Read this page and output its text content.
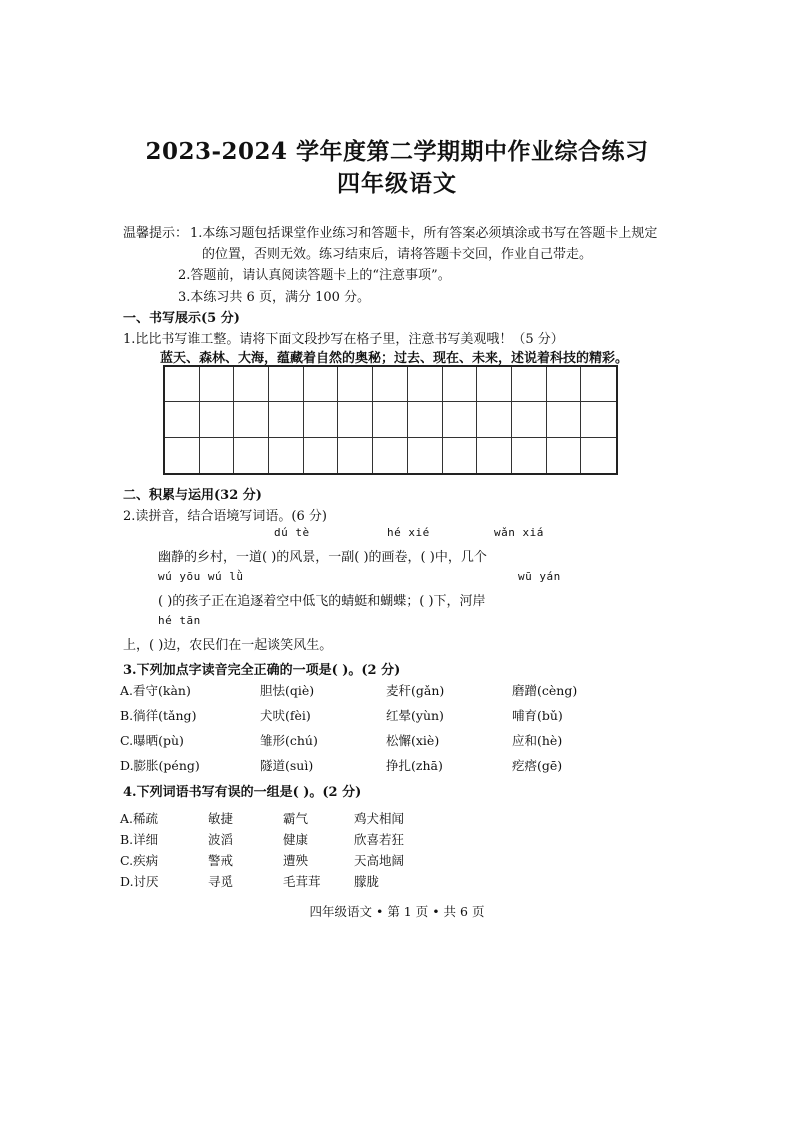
2023-2024 学年度第二学期期中作业综合练习
四年级语文
温馨提示： 1.本练习题包括课堂作业练习和答题卡，所有答案必须填涂或书写在答题卡上规定
的位置，否则无效。练习结束后，请将答题卡交回，作业自己带走。
2.答题前，请认真阅读答题卡上的“注意事项”。
3.本练习共 6 页，满分 100 分。
一、书写展示(5 分)
1.比比书写谁工整。请将下面文段抄写在格子里，注意书写美观哦！（5 分）
蓝天、森林、大海，蕴藏着自然的奥秘；过去、现在、未来，述说着科技的精彩。
二、积累与运用(32 分)
2.读拼音，结合语境写词语。(6 分)
dú tè	hé xié	wǎn xiá
幽静的乡村，一道( )的风景，一副( )的画卷，( )中，几个
wú yōu wú lǜ	wū yán
( )的孩子正在追逐着空中低飞的蜻蜓和蝴蝶；( )下，河岸
hé tān
上，( )边，农民们在一起谈笑风生。
3.下列加点字读音完全正确的一项是( )。(2 分)
A.看守(kàn)	胆怯(qiè)	麦秆(gǎn)	磨蹭(cèng)
B.徜徉(tǎng)	犬吠(fèi)	红晕(yùn)	哺育(bǔ)
C.曝晒(pù)	雏形(chú)	松懈(xiè)	应和(hè)
D.膨胀(péng)	隧道(suì)	挣扎(zhā)	疙瘩(gē)
4.下列词语书写有误的一组是( )。(2 分)
A.稀疏	敏捷	霸气	鸡犬相闻
B.详细	波滔	健康	欣喜若狂
C.疾病	警戒	遭殃	天高地阔
D.讨厌	寻觅	毛茸茸	朦胧
四年级语文 • 第 1 页 • 共 6 页
